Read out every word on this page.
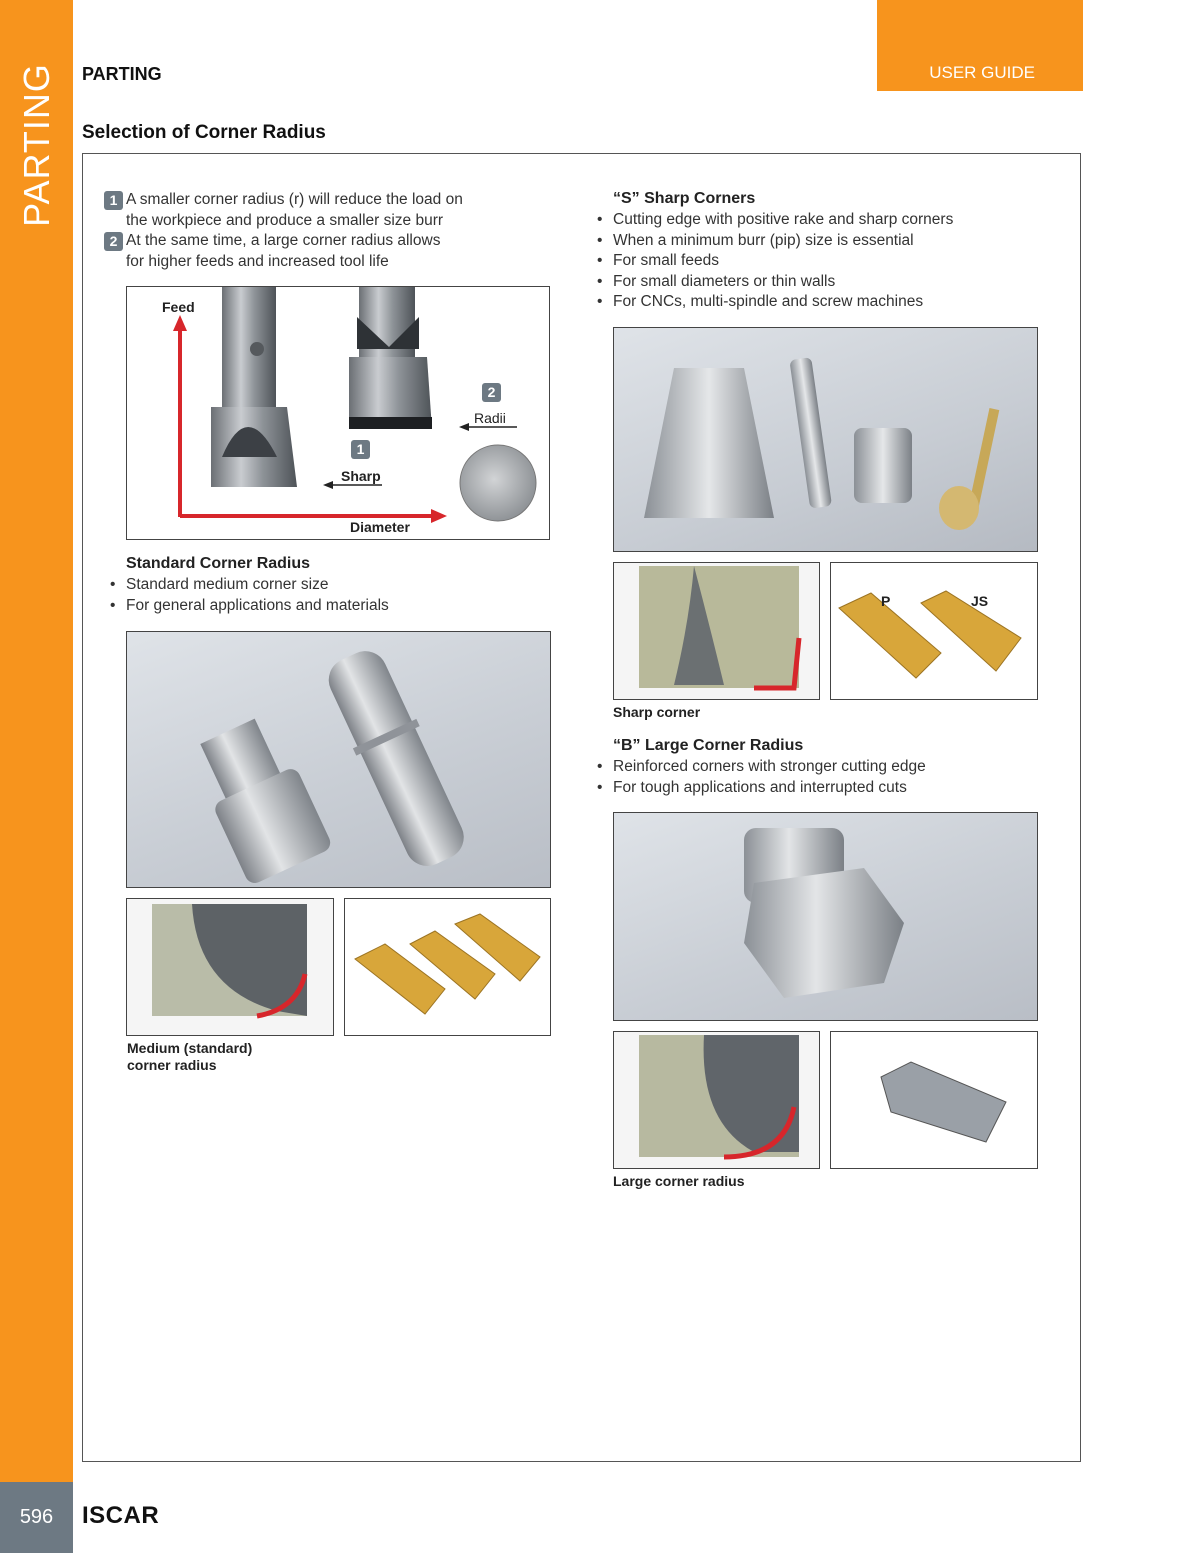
PARTING
596	ISCAR
USER GUIDE
PARTING
Selection of Corner Radius
1 A smaller corner radius (r) will reduce the load on
the workpiece and produce a smaller size burr
2 At the same time, a large corner radius allows
for higher feeds and increased tool life
Feed
Diameter
1
Sharp
2
Radii
Standard Corner Radius
• Standard medium corner size
• For general applications and materials
Medium (standard)
corner radius
“S” Sharp Corners
• Cutting edge with positive rake and sharp corners
• When a minimum burr (pip) size is essential
• For small feeds
• For small diameters or thin walls
• For CNCs, multi-spindle and screw machines
P	JS
Sharp corner
“B” Large Corner Radius
• Reinforced corners with stronger cutting edge
• For tough applications and interrupted cuts
Large corner radius
